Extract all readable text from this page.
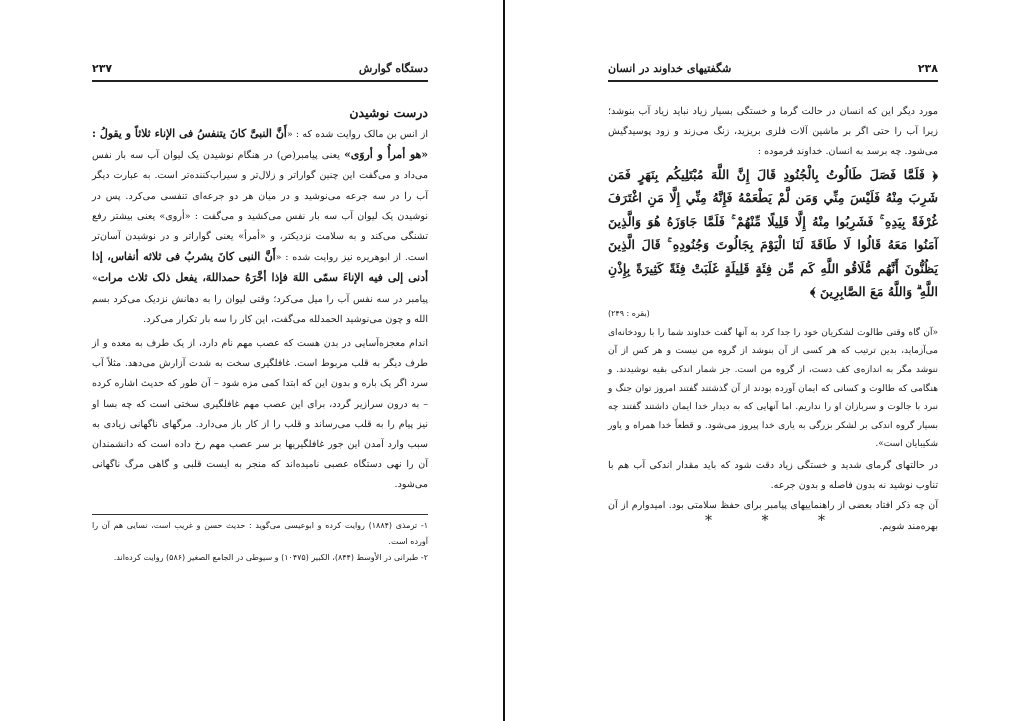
۲۳۷	دستگاه گوارش
درست نوشیدن
از انس بن مالک روایت شده که : «أَنَّ النبیَّ کانَ یتنفسُ فی الإناء ثلاثاً و یقولُ : «هو أمرأُ و أروَی» یعنی پیامبر(ص) در هنگام نوشیدن یک لیوان آب سه بار نفس می‌داد و می‌گفت این چنین گواراتر و زلال‌تر و سیراب‌کننده‌تر است. به عبارت دیگر آب را در سه جرعه می‌نوشید و در میان هر دو جرعه‌ای تنفسی می‌کرد. پس در نوشیدن یک لیوان آب سه بار نفس می‌کشید و می‌گفت : «أروی» یعنی بیشتر رفع تشنگی می‌کند و به سلامت نزدیکتر، و «أمرأ» یعنی گواراتر و در نوشیدن آسان‌تر است. از ابوهریره نیز روایت شده : «أَنَّ النبی کانَ یشربُ فی ثلاثه أنفاس، إذا أدنی إلی فیه الإناءَ سمّی اللهَ فإذا أخَّرَهُ حمداللهَ، یفعل ذلک ثلاث مرات» پیامبر در سه نفس آب را میل می‌کرد؛ وقتی لیوان را به دهانش نزدیک می‌کرد بسم الله و چون می‌نوشید الحمدلله می‌گفت، این کار را سه بار تکرار می‌کرد.
اندام معجزه‌آسایی در بدن هست که عصب مهم نام دارد، از یک طرف به معده و از طرف دیگر به قلب مربوط است. غافلگیری سخت به شدت آزارش می‌دهد. مثلاً آب سرد اگر یک باره و بدون این که ابتدا کمی مزه شود – آن طور که حدیث اشاره کرده – به درون سرازیر گردد، برای این عصب مهم غافلگیری سختی است که چه بسا او نیز پیام را به قلب می‌رساند و قلب را از کار باز می‌دارد. مرگهای ناگهانی زیادی به سبب وارد آمدن این جور غافلگیریها بر سر عصب مهم رخ داده است که دانشمندان آن را نهی دستگاه عصبی نامیده‌اند که منجر به ایست قلبی و گاهی مرگ ناگهانی می‌شود.
۱- ترمذی (۱۸۸۴) روایت کرده و ابوعیسی می‌گوید : حدیث حسن و غریب است، نسایی هم آن را آورده است.
۲- طبرانی در الأوسط (۸۴۴)، الکبیر (۱۰۴۷۵) و سیوطی در الجامع الصغیر (۵۸۶) روایت کرده‌اند.
۲۳۸
شگفتیهای خداوند در انسان
مورد دیگر این که انسان در حالت گرما و خستگی بسیار زیاد نباید زیاد آب بنوشد؛ زیرا آب را حتی اگر بر ماشین آلات فلزی بریزید، زنگ می‌زند و زود پوسیدگیش می‌شود. چه برسد به انسان. خداوند فرموده :
﴿ فَلَمَّا فَصَلَ طَالُوتُ بِالْجُنُودِ قَالَ إِنَّ اللَّهَ مُبْتَلِيكُم بِنَهَرٍ فَمَن شَرِبَ مِنْهُ فَلَيْسَ مِنِّي وَمَن لَّمْ يَطْعَمْهُ فَإِنَّهُ مِنِّي إِلَّا مَنِ اغْتَرَفَ غُرْفَةً بِيَدِهِ ۚ فَشَرِبُوا مِنْهُ إِلَّا قَلِيلًا مِّنْهُمْ ۚ فَلَمَّا جَاوَزَهُ هُوَ وَالَّذِينَ آمَنُوا مَعَهُ قَالُوا لَا طَاقَةَ لَنَا الْيَوْمَ بِجَالُوتَ وَجُنُودِهِ ۚ قَالَ الَّذِينَ يَظُنُّونَ أَنَّهُم مُّلَاقُو اللَّهِ كَم مِّن فِئَةٍ قَلِيلَةٍ غَلَبَتْ فِئَةً كَثِيرَةً بِإِذْنِ اللَّهِ ۗ وَاللَّهُ مَعَ الصَّابِرِينَ ﴾
(بقره : ۲۴۹)
«آن گاه وقتی طالوت لشکریان خود را جدا کرد به آنها گفت خداوند شما را با رودخانه‌ای می‌آزماید، بدین ترتیب که هر کسی از آن بنوشد از گروه من نیست و هر کس از آن ننوشد مگر به اندازه‌ی کف دست، از گروه من است. جز شمار اندکی بقیه نوشیدند. و هنگامی که طالوت و کسانی که ایمان آورده بودند از آن گذشتند گفتند امروز توان جنگ و نبرد با جالوت و سربازان او را نداریم. اما آنهایی که به دیدار خدا ایمان داشتند گفتند چه بسیار گروه اندکی بر لشکر بزرگی به یاری خدا پیروز می‌شود. و قطعاً خدا همراه و یاور شکیبایان است».
در حالتهای گرمای شدید و خستگی زیاد دقت شود که باید مقدار اندکی آب هم با تناوب نوشید نه بدون فاصله و بدون جرعه.
آن چه ذکر افتاد بعضی از راهنماییهای پیامبر برای حفظ سلامتی بود. امیدوارم از آن بهره‌مند شویم.
*	*	*
